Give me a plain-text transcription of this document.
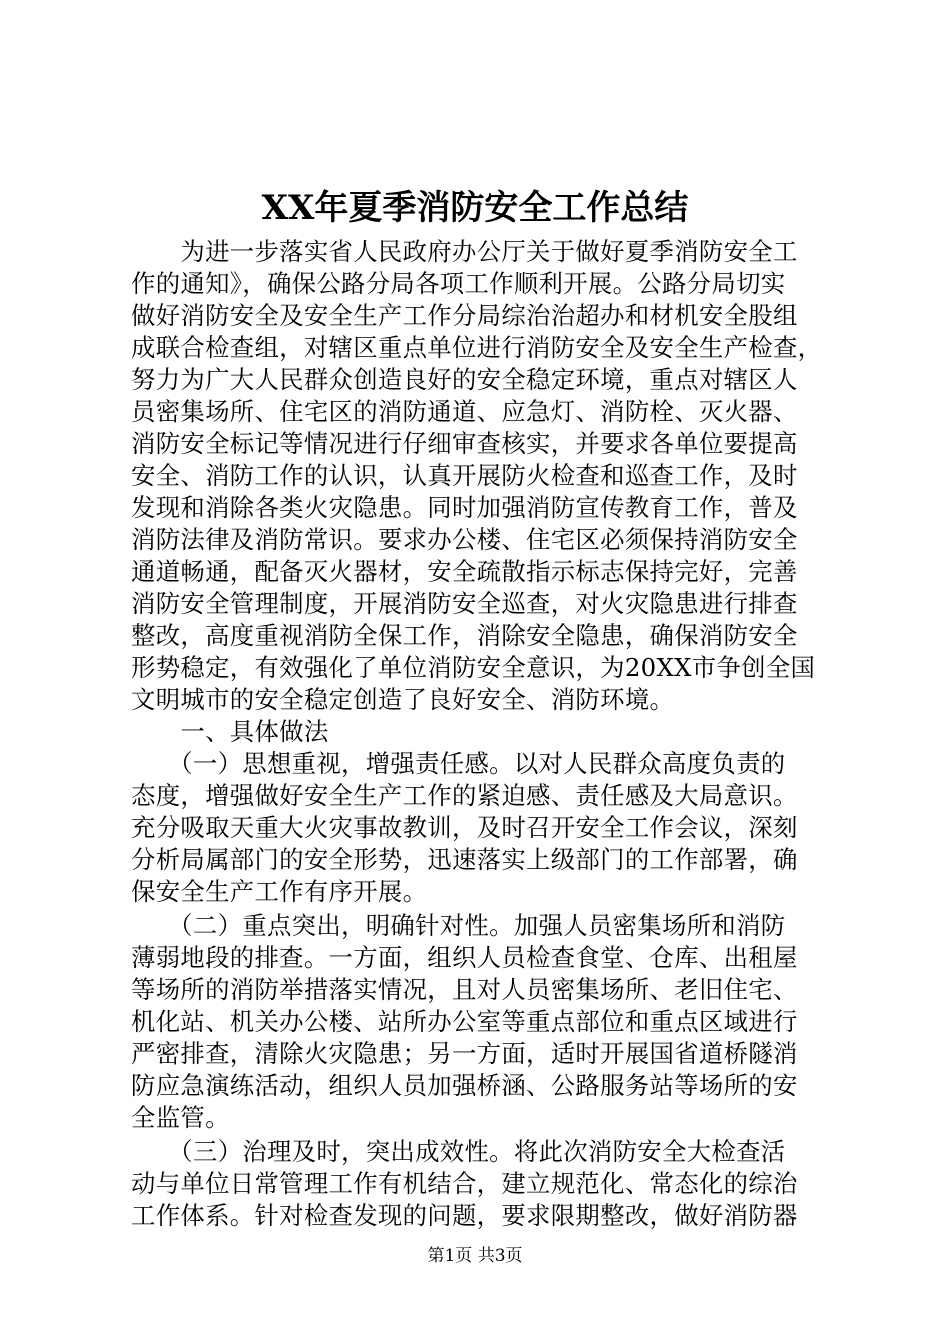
XX年夏季消防安全工作总结
　　为进一步落实省人民政府办公厅关于做好夏季消防安全工
作的通知》，确保公路分局各项工作顺利开展。公路分局切实
做好消防安全及安全生产工作分局综治治超办和材机安全股组
成联合检查组，对辖区重点单位进行消防安全及安全生产检查，
努力为广大人民群众创造良好的安全稳定环境，重点对辖区人
员密集场所、住宅区的消防通道、应急灯、消防栓、灭火器、
消防安全标记等情况进行仔细审查核实，并要求各单位要提高
安全、消防工作的认识，认真开展防火检查和巡查工作，及时
发现和消除各类火灾隐患。同时加强消防宣传教育工作，普及
消防法律及消防常识。要求办公楼、住宅区必须保持消防安全
通道畅通，配备灭火器材，安全疏散指示标志保持完好，完善
消防安全管理制度，开展消防安全巡查，对火灾隐患进行排查
整改，高度重视消防全保工作，消除安全隐患，确保消防安全
形势稳定，有效强化了单位消防安全意识，为20XX市争创全国
文明城市的安全稳定创造了良好安全、消防环境。
　　一、具体做法
　　（一）思想重视，增强责任感。以对人民群众高度负责的
态度，增强做好安全生产工作的紧迫感、责任感及大局意识。
充分吸取天重大火灾事故教训，及时召开安全工作会议，深刻
分析局属部门的安全形势，迅速落实上级部门的工作部署，确
保安全生产工作有序开展。
　　（二）重点突出，明确针对性。加强人员密集场所和消防
薄弱地段的排查。一方面，组织人员检查食堂、仓库、出租屋
等场所的消防举措落实情况，且对人员密集场所、老旧住宅、
机化站、机关办公楼、站所办公室等重点部位和重点区域进行
严密排查，清除火灾隐患；另一方面，适时开展国省道桥隧消
防应急演练活动，组织人员加强桥涵、公路服务站等场所的安
全监管。
　　（三）治理及时，突出成效性。将此次消防安全大检查活
动与单位日常管理工作有机结合，建立规范化、常态化的综治
工作体系。针对检查发现的问题，要求限期整改，做好消防器
第1页 共3页
